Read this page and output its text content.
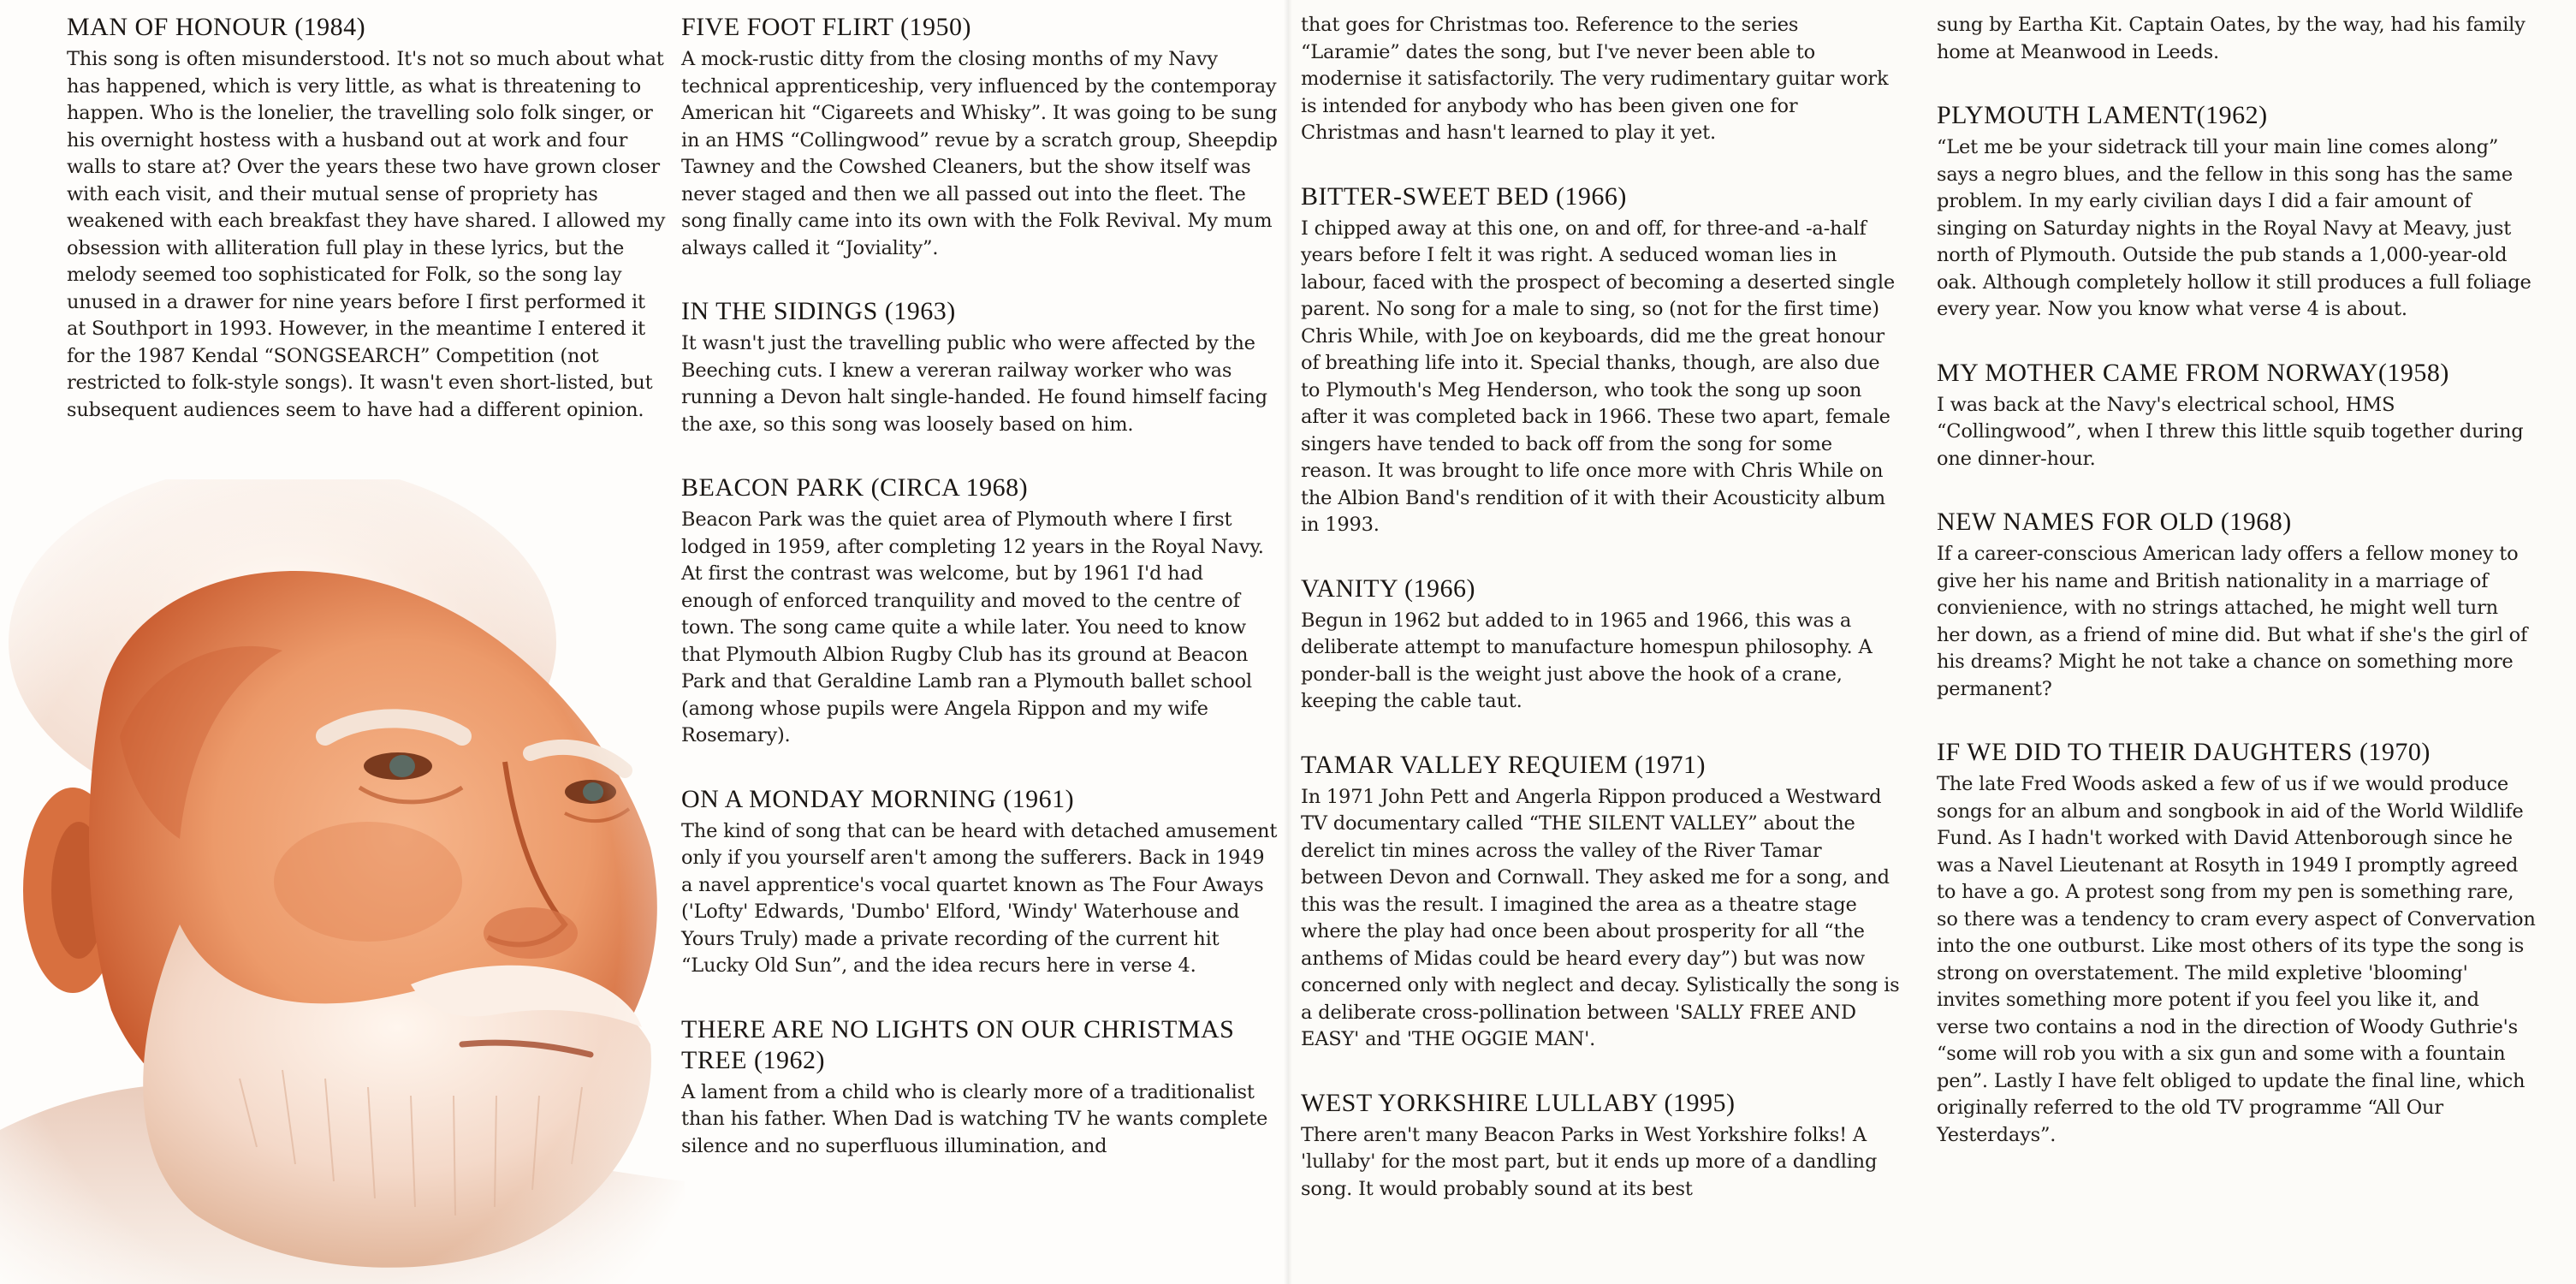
MAN OF HONOUR (1984)

This song is often misunderstood. It's not so much about what has happened, which is very little, as what is threatening to happen. Who is the lonelier, the travelling solo folk singer, or his overnight hostess with a husband out at work and four walls to stare at? Over the years these two have grown closer with each visit, and their mutual sense of propriety has weakened with each breakfast they have shared. I allowed my obsession with alliteration full play in these lyrics, but the melody seemed too sophisticated for Folk, so the song lay unused in a drawer for nine years before I first performed it at Southport in 1993. However, in the meantime I entered it for the 1987 Kendal “SONGSEARCH” Competition (not restricted to folk-style songs). It wasn't even short-listed, but subsequent audiences seem to have had a different opinion.

FIVE FOOT FLIRT (1950)

A mock-rustic ditty from the closing months of my Navy technical apprenticeship, very influenced by the contemporay American hit “Cigareets and Whisky”. It was going to be sung in an HMS “Collingwood” revue by a scratch group, Sheepdip Tawney and the Cowshed Cleaners, but the show itself was never staged and then we all passed out into the fleet. The song finally came into its own with the Folk Revival. My mum always called it “Joviality”.

IN THE SIDINGS (1963)

It wasn't just the travelling public who were affected by the Beeching cuts. I knew a vereran railway worker who was running a Devon halt single-handed. He found himself facing the axe, so this song was loosely based on him.

BEACON PARK (CIRCA 1968)

Beacon Park was the quiet area of Plymouth where I first lodged in 1959, after completing 12 years in the Royal Navy. At first the contrast was welcome, but by 1961 I'd had enough of enforced tranquility and moved to the centre of town. The song came quite a while later. You need to know that Plymouth Albion Rugby Club has its ground at Beacon Park and that Geraldine Lamb ran a Plymouth ballet school (among whose pupils were Angela Rippon and my wife Rosemary).

ON A MONDAY MORNING (1961)

The kind of song that can be heard with detached amusement only if you yourself aren't among the sufferers. Back in 1949 a navel apprentice's vocal quartet known as The Four Aways ('Lofty' Edwards, 'Dumbo' Elford, 'Windy' Waterhouse and Yours Truly) made a private recording of the current hit “Lucky Old Sun”, and the idea recurs here in verse 4.

THERE ARE NO LIGHTS ON OUR CHRISTMAS TREE (1962)

A lament from a child who is clearly more of a traditionalist than his father. When Dad is watching TV he wants complete silence and no superfluous illumination, and

that goes for Christmas too. Reference to the series “Laramie” dates the song, but I've never been able to modernise it satisfactorily. The very rudimentary guitar work is intended for anybody who has been given one for Christmas and hasn't learned to play it yet.

BITTER-SWEET BED (1966)

I chipped away at this one, on and off, for three-and -a-half years before I felt it was right. A seduced woman lies in labour, faced with the prospect of becoming a deserted single parent. No song for a male to sing, so (not for the first time) Chris While, with Joe on keyboards, did me the great honour of breathing life into it. Special thanks, though, are also due to Plymouth's Meg Henderson, who took the song up soon after it was completed back in 1966. These two apart, female singers have tended to back off from the song for some reason. It was brought to life once more with Chris While on the Albion Band's rendition of it with their Acousticity album in 1993.

VANITY (1966)

Begun in 1962 but added to in 1965 and 1966, this was a deliberate attempt to manufacture homespun philosophy. A ponder-ball is the weight just above the hook of a crane, keeping the cable taut.

TAMAR VALLEY REQUIEM (1971)

In 1971 John Pett and Angerla Rippon produced a Westward TV documentary called “THE SILENT VALLEY” about the derelict tin mines across the valley of the River Tamar between Devon and Cornwall. They asked me for a song, and this was the result. I imagined the area as a theatre stage where the play had once been about prosperity for all “the anthems of Midas could be heard every day”) but was now concerned only with neglect and decay. Sylistically the song is a deliberate cross-pollination between 'SALLY FREE AND EASY' and 'THE OGGIE MAN'.

WEST YORKSHIRE LULLABY (1995)

There aren't many Beacon Parks in West Yorkshire folks! A 'lullaby' for the most part, but it ends up more of a dandling song. It would probably sound at its best

sung by Eartha Kit. Captain Oates, by the way, had his family home at Meanwood in Leeds.

PLYMOUTH LAMENT(1962)

“Let me be your sidetrack till your main line comes along” says a negro blues, and the fellow in this song has the same problem. In my early civilian days I did a fair amount of singing on Saturday nights in the Royal Navy at Meavy, just north of Plymouth. Outside the pub stands a 1,000-year-old oak. Although completely hollow it still produces a full foliage every year. Now you know what verse 4 is about.

MY MOTHER CAME FROM NORWAY(1958)

I was back at the Navy's electrical school, HMS “Collingwood”, when I threw this little squib together during one dinner-hour.

NEW NAMES FOR OLD (1968)

If a career-conscious American lady offers a fellow money to give her his name and British nationality in a marriage of convienience, with no strings attached, he might well turn her down, as a friend of mine did. But what if she's the girl of his dreams? Might he not take a chance on something more permanent?

IF WE DID TO THEIR DAUGHTERS (1970)

The late Fred Woods asked a few of us if we would produce songs for an album and songbook in aid of the World Wildlife Fund. As I hadn't worked with David Attenborough since he was a Navel Lieutenant at Rosyth in 1949 I promptly agreed to have a go. A protest song from my pen is something rare, so there was a tendency to cram every aspect of Convervation into the one outburst. Like most others of its type the song is strong on overstatement. The mild expletive 'blooming' invites something more potent if you feel you like it, and verse two contains a nod in the direction of Woody Guthrie's “some will rob you with a six gun and some with a fountain pen”. Lastly I have felt obliged to update the final line, which originally referred to the old TV programme “All Our Yesterdays”.
